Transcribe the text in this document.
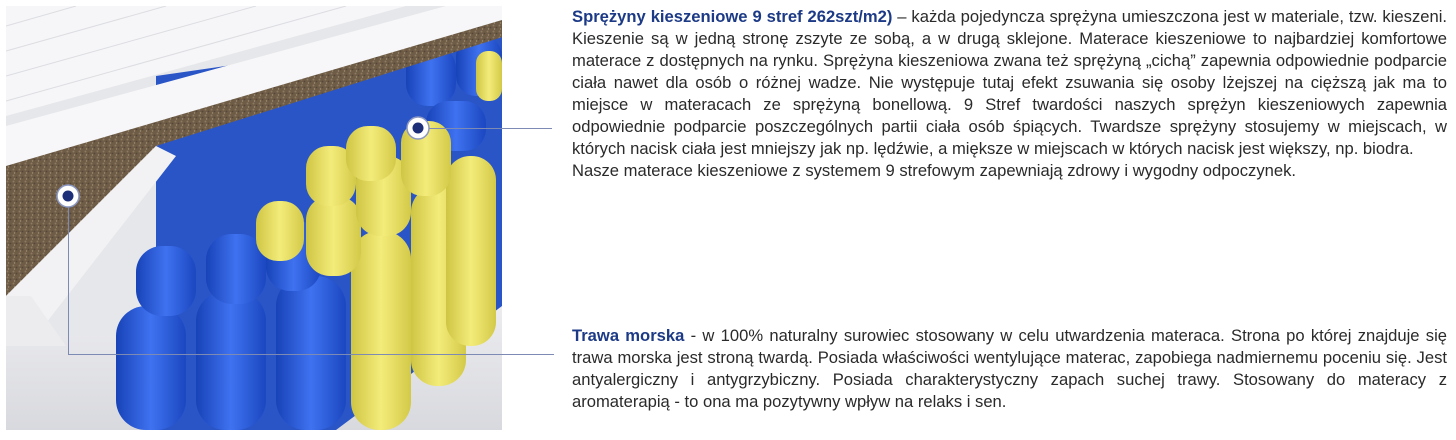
Sprężyny kieszeniowe 9 stref 262szt/m2) – każda pojedyncza sprężyna umieszczona jest w materiale, tzw. kieszeni. Kieszenie są w jedną stronę zszyte ze sobą, a w drugą sklejone. Materace kieszeniowe to najbardziej komfortowe materace z dostępnych na rynku. Sprężyna kieszeniowa zwana też sprężyną „cichą” zapewnia odpowiednie podparcie ciała nawet dla osób o różnej wadze. Nie występuje tutaj efekt zsuwania się osoby lżejszej na cięższą jak ma to miejsce w materacach ze sprężyną bonellową. 9 Stref twardości naszych sprężyn kieszeniowych zapewnia odpowiednie podparcie poszczególnych partii ciała osób śpiących. Twardsze sprężyny stosujemy w miejscach, w których nacisk ciała jest mniejszy jak np. lędźwie, a miększe w miejscach w których nacisk jest większy, np. biodra.

Nasze materace kieszeniowe z systemem 9 strefowym zapewniają zdrowy i wygodny odpoczynek.

Trawa morska - w 100% naturalny surowiec stosowany w celu utwardzenia materaca. Strona po której znajduje się trawa morska jest stroną twardą. Posiada właściwości wentylujące materac, zapobiega nadmiernemu poceniu się. Jest antyalergiczny i antygrzybiczny. Posiada charakterystyczny zapach suchej trawy. Stosowany do materacy z aromaterapią - to ona ma pozytywny wpływ na relaks i sen.
